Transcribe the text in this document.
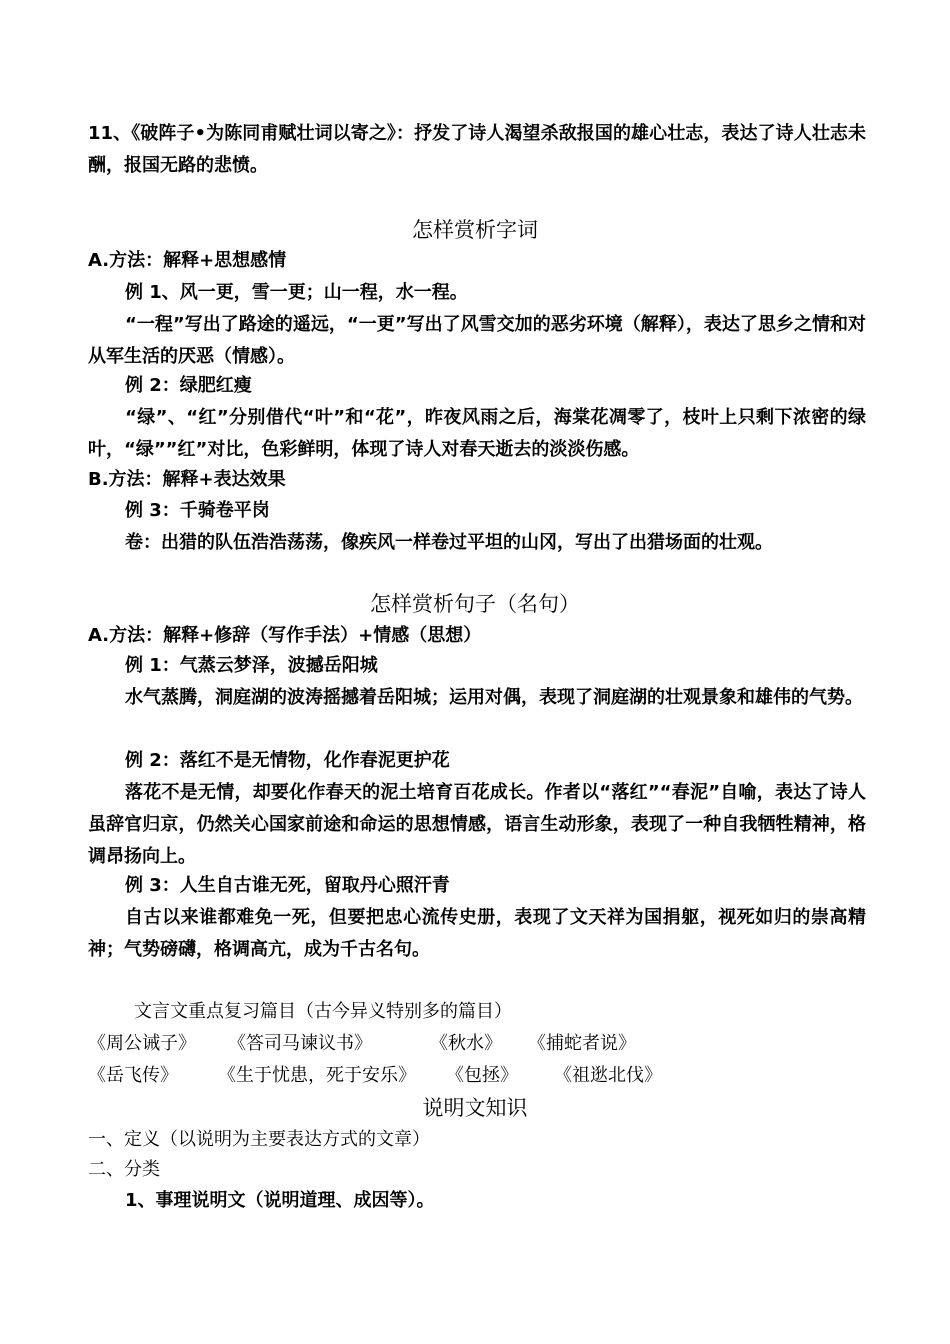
11、《破阵子•为陈同甫赋壮词以寄之》：抒发了诗人渴望杀敌报国的雄心壮志，表达了诗人壮志未酬，报国无路的悲愤。
怎样赏析字词
A.方法：解释+思想感情
例 1、风一更，雪一更；山一程，水一程。
“一程”写出了路途的遥远，“一更”写出了风雪交加的恶劣环境（解释），表达了思乡之情和对从军生活的厌恶（情感）。
例 2：绿肥红瘦
“绿”、“红”分别借代“叶”和“花”，昨夜风雨之后，海棠花凋零了，枝叶上只剩下浓密的绿叶，“绿””红”对比，色彩鲜明，体现了诗人对春天逝去的淡淡伤感。
B.方法：解释+表达效果
例 3：千骑卷平岗
卷：出猎的队伍浩浩荡荡，像疾风一样卷过平坦的山冈，写出了出猎场面的壮观。
怎样赏析句子（名句）
A.方法：解释+修辞（写作手法）+情感（思想）
例 1：气蒸云梦泽，波撼岳阳城
水气蒸腾，洞庭湖的波涛摇撼着岳阳城；运用对偶，表现了洞庭湖的壮观景象和雄伟的气势。
例 2：落红不是无情物，化作春泥更护花
落花不是无情，却要化作春天的泥土培育百花成长。作者以“落红”“春泥”自喻，表达了诗人虽辞官归京，仍然关心国家前途和命运的思想情感，语言生动形象，表现了一种自我牺牲精神，格调昂扬向上。
例 3：人生自古谁无死，留取丹心照汗青
自古以来谁都难免一死，但要把忠心流传史册，表现了文天祥为国捐躯，视死如归的崇高精神；气势磅礴，格调高亢，成为千古名句。
文言文重点复习篇目（古今异义特别多的篇目）
《周公诫子》 《答司马谏议书》	《秋水》 《捕蛇者说》
《岳飞传》 《生于忧患，死于安乐》 《包拯》 《祖逖北伐》
说明文知识
一、定义（以说明为主要表达方式的文章）
二、分类
1、事理说明文（说明道理、成因等）。
